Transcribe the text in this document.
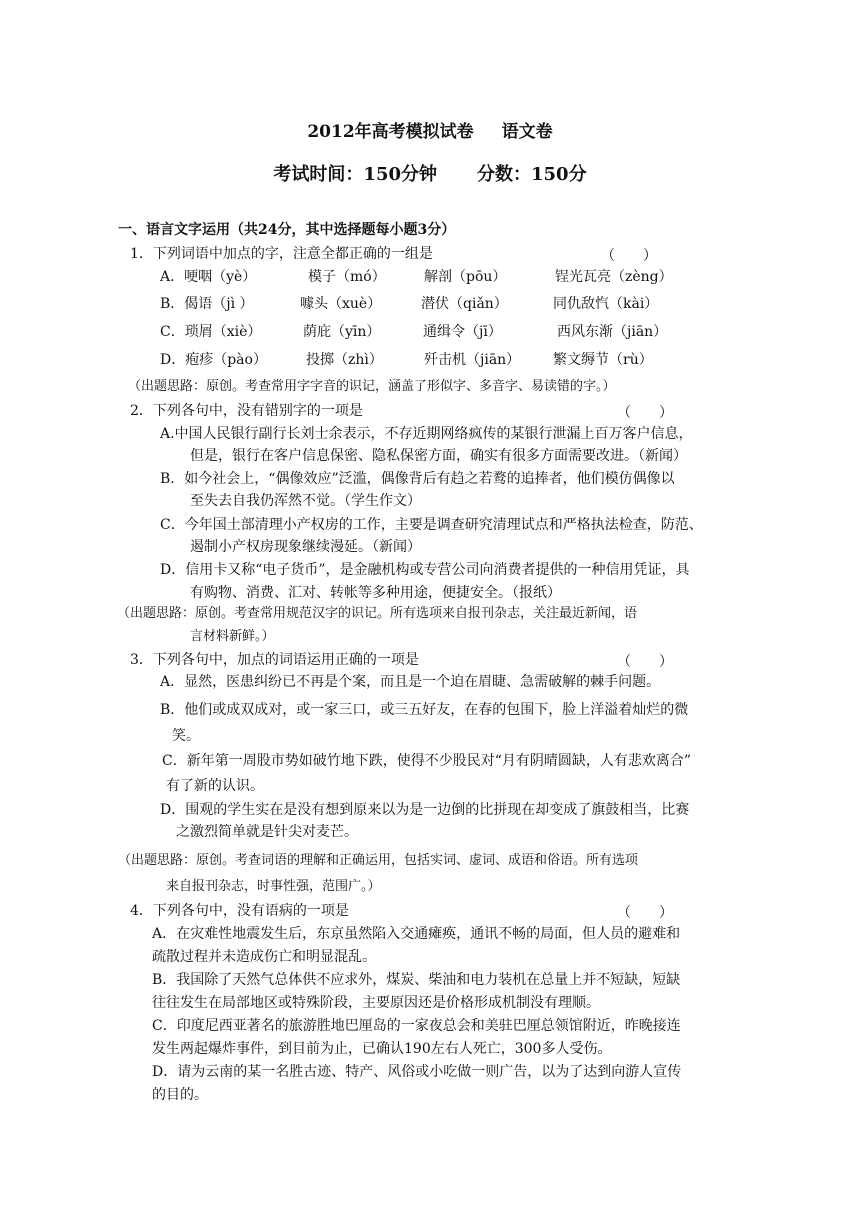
2012年高考模拟试卷 语文卷
考试时间：150分钟 分数：150分
一、语言文字运用（共24分，其中选择题每小题3分）
1．下列词语中加点的字，注意全都正确的一组是	（　　）
A．哽咽（yè）	模子（mó）	解剖（pōu）	锃光瓦亮（zèng）
B．偈语（jì ）	噱头（xuè）	潜伏（qiǎn）	同仇敌忾（kài）
C．琐屑（xiè）	荫庇（yīn）	通缉令（jī）	西风东渐（jiān）
D．疱疹（pào）	投掷（zhì）	歼击机（jiān） 繁文缛节（rù）
（出题思路：原创。考查常用字字音的识记，涵盖了形似字、多音字、易读错的字。）
2．下列各句中，没有错别字的一项是	（　　）
A.中国人民银行副行长刘士余表示，不存近期网络疯传的某银行泄漏上百万客户信息，
但是，银行在客户信息保密、隐私保密方面，确实有很多方面需要改进。（新闻）
B．如今社会上，“偶像效应”泛滥，偶像背后有趋之若鹜的追捧者，他们模仿偶像以
至失去自我仍浑然不觉。（学生作文）
C．今年国土部清理小产权房的工作，主要是调查研究清理试点和严格执法检查，防范、
遏制小产权房现象继续漫延。（新闻）
D．信用卡又称“电子货币”，是金融机构或专营公司向消费者提供的一种信用凭证，具
有购物、消费、汇对、转帐等多种用途，便捷安全。（报纸）
（出题思路：原创。考查常用规范汉字的识记。所有选项来自报刊杂志，关注最近新闻，语
言材料新鲜。）
3．下列各句中，加点的词语运用正确的一项是	（　　）
A．显然，医患纠纷已不再是个案，而且是一个迫在眉睫、急需破解的棘手问题。
B．他们或成双成对，或一家三口，或三五好友，在春的包围下，脸上洋溢着灿烂的微
笑。
C．新年第一周股市势如破竹地下跌，使得不少股民对“月有阴晴圆缺，人有悲欢离合”
有了新的认识。
D．围观的学生实在是没有想到原来以为是一边倒的比拼现在却变成了旗鼓相当，比赛
之激烈简单就是针尖对麦芒。
（出题思路：原创。考查词语的理解和正确运用，包括实词、虚词、成语和俗语。所有选项
来自报刊杂志，时事性强，范围广。）
4．下列各句中，没有语病的一项是	（　　）
A．在灾难性地震发生后，东京虽然陷入交通瘫痪，通讯不畅的局面，但人员的避难和
疏散过程并未造成伤亡和明显混乱。
B．我国除了天然气总体供不应求外，煤炭、柴油和电力装机在总量上并不短缺，短缺
往往发生在局部地区或特殊阶段，主要原因还是价格形成机制没有理顺。
C．印度尼西亚著名的旅游胜地巴厘岛的一家夜总会和美驻巴厘总领馆附近，昨晚接连
发生两起爆炸事件，到目前为止，已确认190左右人死亡，300多人受伤。
D．请为云南的某一名胜古迹、特产、风俗或小吃做一则广告，以为了达到向游人宣传
的目的。
